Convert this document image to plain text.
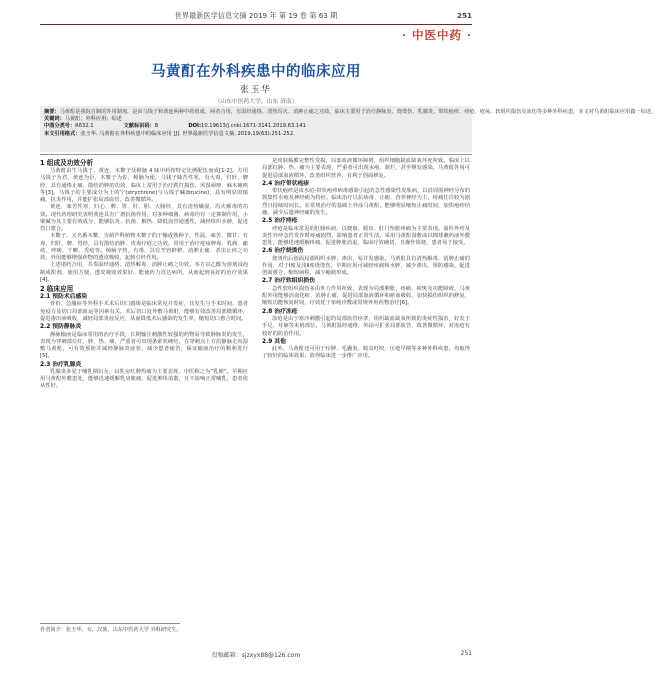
世界最新医学信息文摘 2019 年 第 19 卷 第 63 期	251
· 中医中药 ·
马黄酊在外科疾患中的临床应用
张玉华
（山东中医药大学，山东 济南）
摘要：马黄酊是我院自制的外用制剂，是由马钱子和黄连两种中药组成，两者合用，有温经通络、清热泻火、消肿止痛之功效，临床主要用于治疗静脉炎、烧烫伤、乳腺炎、带状疱疹、痔疮、疮疡、软组织损伤及冻伤等多种外科疾患，本文对马黄酊临床应用做一综述。
关键词：马黄酊；外科应用；综述
中图分类号：R632.1	文献标识码：B	DOI:10.19613/j.cnki.1671-3141.2019.63.141
本文引用格式：张玉华. 马黄酊在外科疾患中的临床应用 [J]. 世界最新医学信息文摘, 2019,19(63):251-252.
1 组成及功效分析
马黄酊由生马钱子、黄连、木鳖子及樟脑 4 味中药按特定比例配伍而成[1-2]。方用马钱子为君，黄连为臣，木鳖子为佐，樟脑为使。马钱子味苦性寒，有大毒，归肝、脾经，具有通络止痛，散结消肿的功效，临床上常用于治疗跌打损伤、风湿顽痹、麻木瘫痪等[3]。马钱子的主要成分为士的宁(strychnine)与马钱子碱(brucine)，具有明显的镇痛、抗炎作用，并能扩张局部血管，改善微循环。
黄连，味苦性寒，归心、脾、胃、肝、胆、大肠经，具有清热燥湿，泻火解毒的功效。现代药理研究表明黄连具有广谱抗菌作用，对多种细菌、病毒均有一定抑制作用，小檗碱为其主要有效成分，能够抗炎、抗菌、解热、降低血管通透性，减轻组织水肿，促进伤口愈合。
木鳖子，又名番木鳖，为葫芦科植物木鳖子的干燥成熟种子，性温，味苦、微甘，有毒，归肝、脾、胃经，具有散结消肿、攻毒疗疮之功效。常用于治疗疮疡肿毒、乳痈、瘰疬、痔瘘、干癣、秃疮等。樟脑辛热，有毒，具有开窍辟秽、消肿止痛、杀虫止痒之功效，外用能够增强药物的透皮吸收，起到引经作用。
上述诸药合用，共奏温经通络、清热解毒、消肿止痛之功效。本方以乙醇为溶剂浸泡制成酊剂，使用方便，透皮吸收效果好，能使药力直达病所，从而起到良好的治疗效果[4]。
2 临床应用
2.1 预防术后感染
骨折、急腹症等外科手术术后切口感染是临床常见并发症，其发生与手术时间、患者免疫力及切口局部血运等因素有关。术后切口处外敷马黄酊，能够有效改善局部微循环，促进渗出液吸收，减轻局部炎症反应，从而降低术后感染的发生率，缩短切口愈合时间。
2.2 预防静脉炎
静脉输液是临床常用的治疗手段，长期输注刺激性较强的药物易导致静脉炎的发生，表现为穿刺部位红、肿、热、痛，严重者可出现条索状硬结。在穿刺点上方沿静脉走向湿敷马黄酊，可有效预防并减轻静脉炎症状，减少患者痛苦，保证输液治疗的顺利进行[5]。
2.3 治疗乳腺炎
乳腺炎多见于哺乳期妇女，以乳房红肿热痛为主要表现，中医称之为“乳痈”。早期应用马黄酊外敷患处，能够迅速缓解乳房胀痛，促进肿块消散，且不影响正常哺乳，患者依从性好。
是皮肤黏膜完整性受损，局部血液循环障碍，组织细胞缺血缺氧坏死所致。临床上以局部红肿、热、痛为主要表现，严重者可出现水疱、溃烂，甚至继发感染。马黄酊外用可促进局部血液循环，改善组织营养，有利于创面修复。
2.4 治疗带状疱疹
带状疱疹是由水痘-带状疱疹病毒感染引起的急性感染性皮肤病，以沿周围神经分布的簇集性水疱及神经痛为特征。临床治疗以抗病毒、止痛、营养神经为主，疼痛往往较为剧烈且持续时间长。在常规治疗的基础上外涂马黄酊，能够明显缩短止痛时间，加快疱疹结痂，减少后遗神经痛的发生。
2.5 治疗痔疮
痔疮是临床常见的肛肠疾病，以便血、脱出、肛门坠胀疼痛为主要表现。血栓外痔及炎性外痔急性发作时疼痛剧烈，影响患者正常生活。采用马黄酊湿敷或以棉球蘸药液外敷患处，能够迅速缓解疼痛，促进肿胀消退，临床疗效确切，且操作简便，患者易于接受。
2.6 治疗烧烫伤
烧烫伤后创面局部组织水肿、渗出，易并发感染。马黄酊具有清热解毒、消肿止痛的作用，对于Ⅰ度及浅Ⅱ度烧烫伤，早期应用可减轻疼痛和水肿，减少渗出，预防感染，促进创面愈合，缩短病程，减少瘢痕形成。
2.7 治疗软组织损伤
急性软组织损伤多由外力作用所致，表现为局部肿胀、疼痛、瘀斑及功能障碍。马黄酊外用能够活血化瘀、消肿止痛，促进局部血液循环和瘀血吸收，加快损伤组织的修复，缩短功能恢复时间，疗效优于单纯冷敷或常规外用药物治疗[6]。
2.8 治疗冻疮
冻疮是由于寒冷刺激引起的局部血管痉挛、组织缺血缺氧所致的炎症性损害，好发于手足、耳廓等末梢部位。马黄酊温经通络，外涂可扩张局部血管，改善微循环，对冻疮有较好的防治作用。
2.9 其他
此外，马黄酊还可用于疖肿、毛囊炎、蚊虫叮咬、压疮早期等多种外科疾患，均取得了较好的临床效果，值得临床进一步推广应用。
作者简介：张玉华，女，汉族，山东中医药大学 外科研究生。
投稿邮箱：sjzxyx88@126.com	251
